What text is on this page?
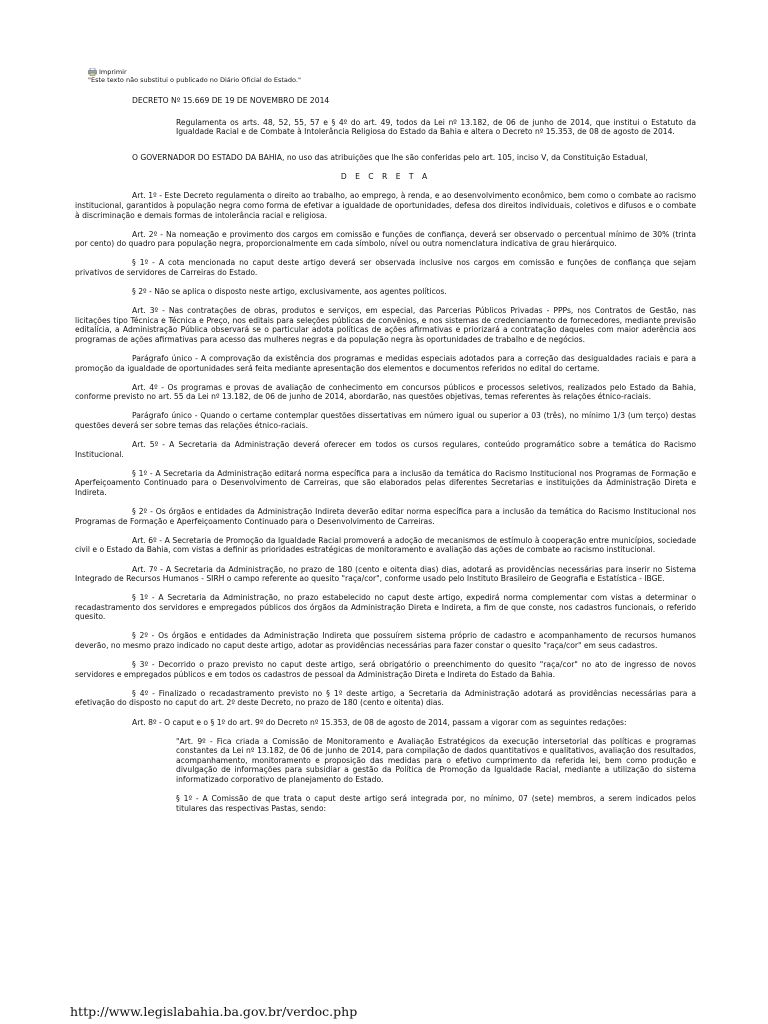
Imprimir
"Este texto não substitui o publicado no Diário Oficial do Estado."

DECRETO Nº 15.669 DE 19 DE NOVEMBRO DE 2014

Regulamenta os arts. 48, 52, 55, 57 e § 4º do art. 49, todos da Lei nº 13.182, de 06 de junho de 2014, que institui o Estatuto da Igualdade Racial e de Combate à Intolerância Religiosa do Estado da Bahia e altera o Decreto nº 15.353, de 08 de agosto de 2014.

O GOVERNADOR DO ESTADO DA BAHIA, no uso das atribuições que lhe são conferidas pelo art. 105, inciso V, da Constituição Estadual,

D E C R E T A

Art. 1º - Este Decreto regulamenta o direito ao trabalho, ao emprego, à renda, e ao desenvolvimento econômico, bem como o combate ao racismo institucional, garantidos à população negra como forma de efetivar a igualdade de oportunidades, defesa dos direitos individuais, coletivos e difusos e o combate à discriminação e demais formas de intolerância racial e religiosa.

Art. 2º - Na nomeação e provimento dos cargos em comissão e funções de confiança, deverá ser observado o percentual mínimo de 30% (trinta por cento) do quadro para população negra, proporcionalmente em cada símbolo, nível ou outra nomenclatura indicativa de grau hierárquico.

§ 1º - A cota mencionada no caput deste artigo deverá ser observada inclusive nos cargos em comissão e funções de confiança que sejam privativos de servidores de Carreiras do Estado.

§ 2º - Não se aplica o disposto neste artigo, exclusivamente, aos agentes políticos.

Art. 3º - Nas contratações de obras, produtos e serviços, em especial, das Parcerias Públicos Privadas - PPPs, nos Contratos de Gestão, nas licitações tipo Técnica e Técnica e Preço, nos editais para seleções públicas de convênios, e nos sistemas de credenciamento de fornecedores, mediante previsão editalícia, a Administração Pública observará se o particular adota políticas de ações afirmativas e priorizará a contratação daqueles com maior aderência aos programas de ações afirmativas para acesso das mulheres negras e da população negra às oportunidades de trabalho e de negócios.

Parágrafo único - A comprovação da existência dos programas e medidas especiais adotados para a correção das desigualdades raciais e para a promoção da igualdade de oportunidades será feita mediante apresentação dos elementos e documentos referidos no edital do certame.

Art. 4º - Os programas e provas de avaliação de conhecimento em concursos públicos e processos seletivos, realizados pelo Estado da Bahia, conforme previsto no art. 55 da Lei nº 13.182, de 06 de junho de 2014, abordarão, nas questões objetivas, temas referentes às relações étnico-raciais.

Parágrafo único - Quando o certame contemplar questões dissertativas em número igual ou superior a 03 (três), no mínimo 1/3 (um terço) destas questões deverá ser sobre temas das relações étnico-raciais.

Art. 5º - A Secretaria da Administração deverá oferecer em todos os cursos regulares, conteúdo programático sobre a temática do Racismo Institucional.

§ 1º - A Secretaria da Administração editará norma específica para a inclusão da temática do Racismo Institucional nos Programas de Formação e Aperfeiçoamento Continuado para o Desenvolvimento de Carreiras, que são elaborados pelas diferentes Secretarias e instituições da Administração Direta e Indireta.

§ 2º - Os órgãos e entidades da Administração Indireta deverão editar norma específica para a inclusão da temática do Racismo Institucional nos Programas de Formação e Aperfeiçoamento Continuado para o Desenvolvimento de Carreiras.

Art. 6º - A Secretaria de Promoção da Igualdade Racial promoverá a adoção de mecanismos de estímulo à cooperação entre municípios, sociedade civil e o Estado da Bahia, com vistas a definir as prioridades estratégicas de monitoramento e avaliação das ações de combate ao racismo institucional.

Art. 7º - A Secretaria da Administração, no prazo de 180 (cento e oitenta dias) dias, adotará as providências necessárias para inserir no Sistema Integrado de Recursos Humanos - SIRH o campo referente ao quesito "raça/cor", conforme usado pelo Instituto Brasileiro de Geografia e Estatística - IBGE.

§ 1º - A Secretaria da Administração, no prazo estabelecido no caput deste artigo, expedirá norma complementar com vistas a determinar o recadastramento dos servidores e empregados públicos dos órgãos da Administração Direta e Indireta, a fim de que conste, nos cadastros funcionais, o referido quesito.

§ 2º - Os órgãos e entidades da Administração Indireta que possuírem sistema próprio de cadastro e acompanhamento de recursos humanos deverão, no mesmo prazo indicado no caput deste artigo, adotar as providências necessárias para fazer constar o quesito "raça/cor" em seus cadastros.

§ 3º - Decorrido o prazo previsto no caput deste artigo, será obrigatório o preenchimento do quesito "raça/cor" no ato de ingresso de novos servidores e empregados públicos e em todos os cadastros de pessoal da Administração Direta e Indireta do Estado da Bahia.

§ 4º - Finalizado o recadastramento previsto no § 1º deste artigo, a Secretaria da Administração adotará as providências necessárias para a efetivação do disposto no caput do art. 2º deste Decreto, no prazo de 180 (cento e oitenta) dias.

Art. 8º - O caput e o § 1º do art. 9º do Decreto nº 15.353, de 08 de agosto de 2014, passam a vigorar com as seguintes redações:

"Art. 9º - Fica criada a Comissão de Monitoramento e Avaliação Estratégicos da execução intersetorial das políticas e programas constantes da Lei nº 13.182, de 06 de junho de 2014, para compilação de dados quantitativos e qualitativos, avaliação dos resultados, acompanhamento, monitoramento e proposição das medidas para o efetivo cumprimento da referida lei, bem como produção e divulgação de informações para subsidiar a gestão da Política de Promoção da Igualdade Racial, mediante a utilização do sistema informatizado corporativo de planejamento do Estado.

§ 1º - A Comissão de que trata o caput deste artigo será integrada por, no mínimo, 07 (sete) membros, a serem indicados pelos titulares das respectivas Pastas, sendo:

http://www.legislabahia.ba.gov.br/verdoc.php
